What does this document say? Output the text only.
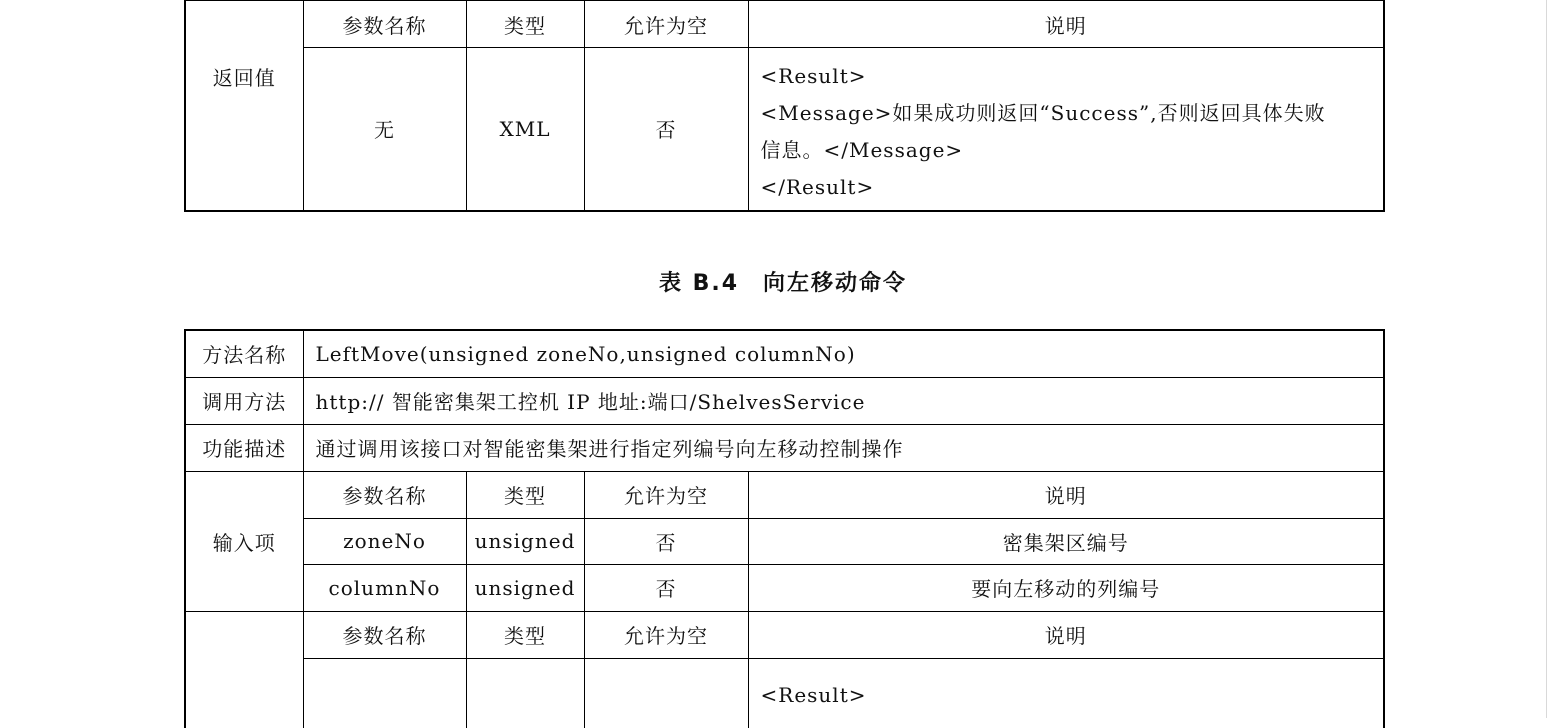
返回值	参数名称	类型	允许为空	说明
	无	XML	否	<Result>
<Message>如果成功则返回“Success”,否则返回具体失败
信息。</Message>
</Result>
表 B.4　向左移动命令
方法名称	LeftMove(unsigned zoneNo,unsigned columnNo)			
调用方法	http:// 智能密集架工控机 IP 地址:端口/ShelvesService			
功能描述	通过调用该接口对智能密集架进行指定列编号向左移动控制操作			
输入项	参数名称	类型	允许为空	说明
	zoneNo	unsigned	否	密集架区编号
	columnNo	unsigned	否	要向左移动的列编号
	参数名称	类型	允许为空	说明
				<Result>
